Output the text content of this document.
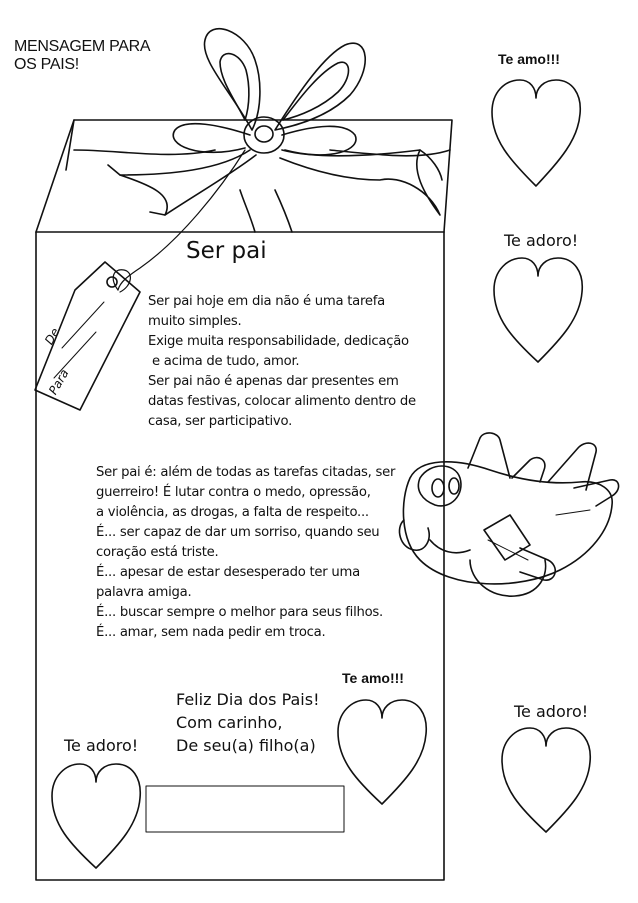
MENSAGEM PARA
OS PAIS!
De
Para
Ser pai
Ser pai hoje em dia não é uma tarefa
muito simples.
Exige muita responsabilidade, dedicação
e acima de tudo, amor.
Ser pai não é apenas dar presentes em
datas festivas, colocar alimento dentro de
casa, ser participativo.
Ser pai é: além de todas as tarefas citadas, ser
guerreiro! É lutar contra o medo, opressão,
a violência, as drogas, a falta de respeito...
É... ser capaz de dar um sorriso, quando seu
coração está triste.
É... apesar de estar desesperado ter uma
palavra amiga.
É... buscar sempre o melhor para seus filhos.
É... amar, sem nada pedir em troca.
Feliz Dia dos Pais!
Com carinho,
De seu(a) filho(a)
Te amo!!!
Te adoro!
Te adoro!
Te amo!!!
Te adoro!
